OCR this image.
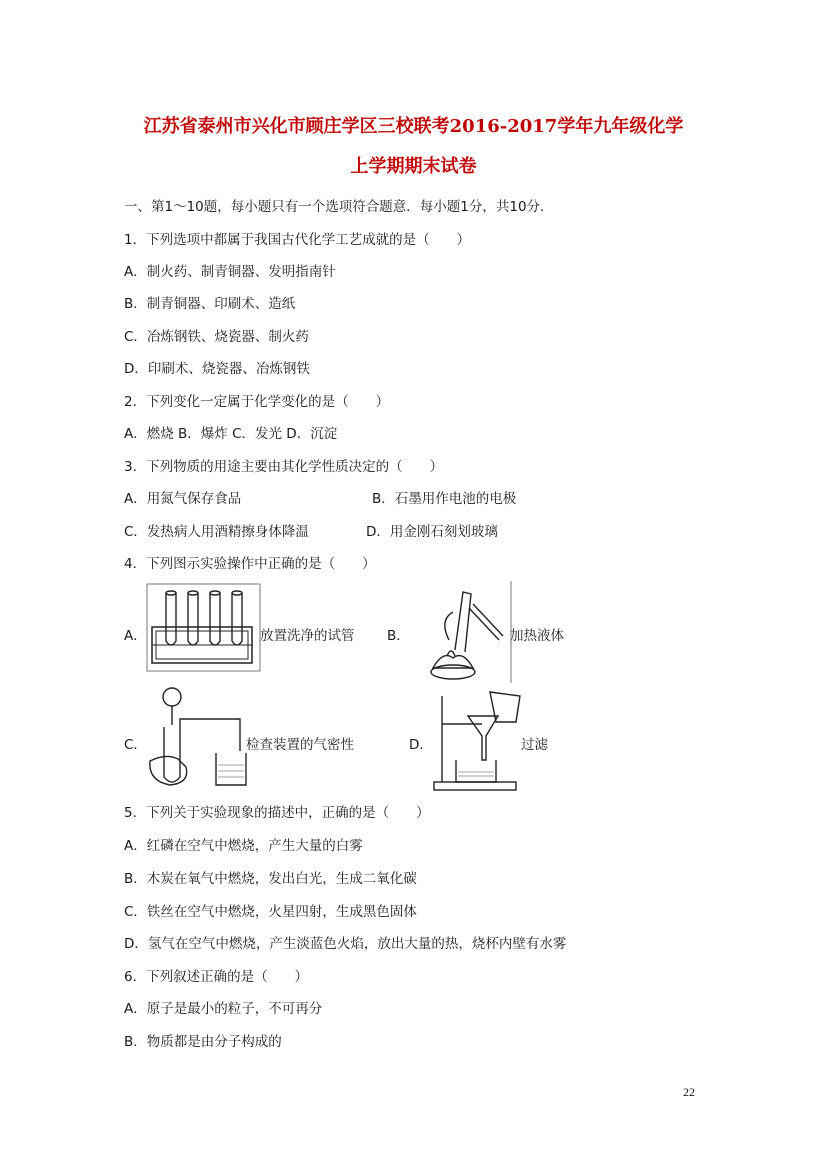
江苏省泰州市兴化市顾庄学区三校联考2016-2017学年九年级化学
上学期期末试卷
一、第1～10题，每小题只有一个选项符合题意．每小题1分，共10分．
1．下列选项中都属于我国古代化学工艺成就的是（　　）
A．制火药、制青铜器、发明指南针
B．制青铜器、印刷术、造纸
C．冶炼钢铁、烧瓷器、制火药
D．印刷术、烧瓷器、冶炼钢铁
2．下列变化一定属于化学变化的是（　　）
A．燃烧 B．爆炸 C．发光 D．沉淀
3．下列物质的用途主要由其化学性质决定的（　　）
A．用氮气保存食品	B．石墨用作电池的电极
C．发热病人用酒精擦身体降温	D．用金刚石刻划玻璃
4．下列图示实验操作中正确的是（　　）
A．	放置洗净的试管 B．	加热液体
C．	检查装置的气密性	D．	过滤
5．下列关于实验现象的描述中，正确的是（　　）
A．红磷在空气中燃烧，产生大量的白雾
B．木炭在氧气中燃烧，发出白光，生成二氧化碳
C．铁丝在空气中燃烧，火星四射，生成黑色固体
D．氢气在空气中燃烧，产生淡蓝色火焰，放出大量的热，烧杯内壁有水雾
6．下列叙述正确的是（　　）
A．原子是最小的粒子，不可再分
B．物质都是由分子构成的
22
